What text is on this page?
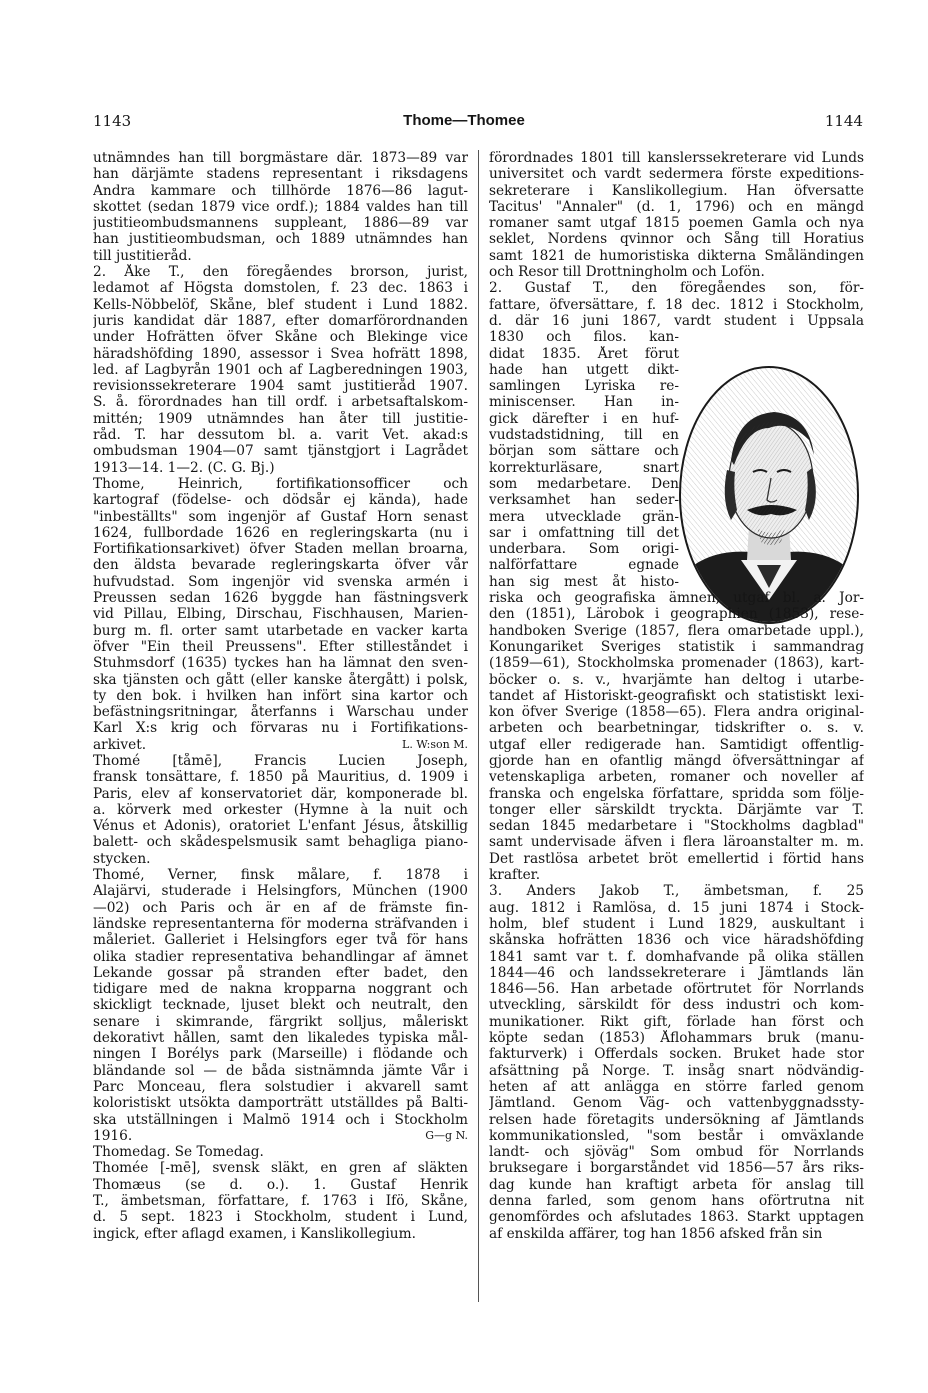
1143	Thome—Thomee	1144
utnämndes han till borgmästare där. 1873—89 var
han därjämte stadens representant i riksdagens
Andra kammare och tillhörde 1876—86 lagut-
skottet (sedan 1879 vice ordf.); 1884 valdes han till
justitieombudsmannens suppleant, 1886—89 var
han justitieombudsman, och 1889 utnämndes han
till justitieråd.
2. Åke T., den föregåendes brorson, jurist,
ledamot af Högsta domstolen, f. 23 dec. 1863 i
Kells-Nöbbelöf, Skåne, blef student i Lund 1882.
juris kandidat där 1887, efter domarförordnanden
under Hofrätten öfver Skåne och Blekinge vice
häradshöfding 1890, assessor i Svea hofrätt 1898,
led. af Lagbyrån 1901 och af Lagberedningen 1903,
revisionssekreterare 1904 samt justitieråd 1907.
S. å. förordnades han till ordf. i arbetsaftalskom-
mittén; 1909 utnämndes han åter till justitie-
råd. T. har dessutom bl. a. varit Vet. akad:s
ombudsman 1904—07 samt tjänstgjort i Lagrådet
1913—14. 1—2. (C. G. Bj.)
Thome, Heinrich, fortifikationsofficer och
kartograf (födelse- och dödsår ej kända), hade
"inbeställts" som ingenjör af Gustaf Horn senast
1624, fullbordade 1626 en regleringskarta (nu i
Fortifikationsarkivet) öfver Staden mellan broarna,
den äldsta bevarade regleringskarta öfver vår
hufvudstad. Som ingenjör vid svenska armén i
Preussen sedan 1626 byggde han fästningsverk
vid Pillau, Elbing, Dirschau, Fischhausen, Marien-
burg m. fl. orter samt utarbetade en vacker karta
öfver "Ein theil Preussens". Efter stilleståndet i
Stuhmsdorf (1635) tyckes han ha lämnat den sven-
ska tjänsten och gått (eller kanske återgått) i polsk,
ty den bok. i hvilken han infört sina kartor och
befästningsritningar, återfanns i Warschau under
Karl X:s krig och förvaras nu i Fortifikations-
arkivet.	L. W:son M.
Thomé [tåmē], Francis Lucien Joseph,
fransk tonsättare, f. 1850 på Mauritius, d. 1909 i
Paris, elev af konservatoriet där, komponerade bl.
a. körverk med orkester (Hymne à la nuit och
Vénus et Adonis), oratoriet L'enfant Jésus, åtskillig
balett- och skådespelsmusik samt behagliga piano-
stycken.
Thomé, Verner, finsk målare, f. 1878 i
Alajärvi, studerade i Helsingfors, München (1900
—02) och Paris och är en af de främste fin-
ländske representanterna för moderna sträfvanden i
måleriet. Galleriet i Helsingfors eger två för hans
olika stadier representativa behandlingar af ämnet
Lekande gossar på stranden efter badet, den
tidigare med de nakna kropparna noggrant och
skickligt tecknade, ljuset blekt och neutralt, den
senare i skimrande, färgrikt solljus, måleriskt
dekorativt hållen, samt den likaledes typiska mål-
ningen I Borélys park (Marseille) i flödande och
bländande sol — de båda sistnämnda jämte Vår i
Parc Monceau, flera solstudier i akvarell samt
koloristiskt utsökta damporträtt utställdes på Balti-
ska utställningen i Malmö 1914 och i Stockholm
1916.	G—g N.
Thomedag. Se Tomedag.
Thomée [-mē], svensk släkt, en gren af släkten
Thomæus (se d. o.). 1. Gustaf Henrik
T., ämbetsman, författare, f. 1763 i Ifö, Skåne,
d. 5 sept. 1823 i Stockholm, student i Lund,
ingick, efter aflagd examen, i Kanslikollegium.
förordnades 1801 till kanslerssekreterare vid Lunds
universitet och vardt sedermera förste expeditions-
sekreterare i Kanslikollegium. Han öfversatte
Tacitus' "Annaler" (d. 1, 1796) och en mängd
romaner samt utgaf 1815 poemen Gamla och nya
seklet, Nordens qvinnor och Sång till Horatius
samt 1821 de humoristiska dikterna Småländingen
och Resor till Drottningholm och Lofön.
2. Gustaf T., den föregåendes son, för-
fattare, öfversättare, f. 18 dec. 1812 i Stockholm,
d. där 16 juni 1867, vardt student i Uppsala
1830 och filos. kan-
didat 1835. Året förut
hade han utgett dikt-
samlingen Lyriska re-
miniscenser. Han in-
gick därefter i en huf-
vudstadstidning, till en
början som sättare och
korrekturläsare, snart
som medarbetare. Den
verksamhet han seder-
mera utvecklade grän-
sar i omfattning till det
underbara. Som origi-
nalförfattare egnade
han sig mest åt histo-
riska och geografiska ämnen, utgaf bl. a. Jor-
den (1851), Lärobok i geographien (1853), rese-
handboken Sverige (1857, flera omarbetade uppl.),
Konungariket Sveriges statistik i sammandrag
(1859—61), Stockholmska promenader (1863), kart-
böcker o. s. v., hvarjämte han deltog i utarbe-
tandet af Historiskt-geografiskt och statistiskt lexi-
kon öfver Sverige (1858—65). Flera andra original-
arbeten och bearbetningar, tidskrifter o. s. v.
utgaf eller redigerade han. Samtidigt offentlig-
gjorde han en ofantlig mängd öfversättningar af
vetenskapliga arbeten, romaner och noveller af
franska och engelska författare, spridda som följe-
tonger eller särskildt tryckta. Därjämte var T.
sedan 1845 medarbetare i "Stockholms dagblad"
samt undervisade äfven i flera läroanstalter m. m.
Det rastlösa arbetet bröt emellertid i förtid hans
krafter.
3. Anders Jakob T., ämbetsman, f. 25
aug. 1812 i Ramlösa, d. 15 juni 1874 i Stock-
holm, blef student i Lund 1829, auskultant i
skånska hofrätten 1836 och vice häradshöfding
1841 samt var t. f. domhafvande på olika ställen
1844—46 och landssekreterare i Jämtlands län
1846—56. Han arbetade oförtrutet för Norrlands
utveckling, särskildt för dess industri och kom-
munikationer. Rikt gift, förlade han först och
köpte sedan (1853) Åflohammars bruk (manu-
fakturverk) i Offerdals socken. Bruket hade stor
afsättning på Norge. T. insåg snart nödvändig-
heten af att anlägga en större farled genom
Jämtland. Genom Väg- och vattenbyggnadssty-
relsen hade företagits undersökning af Jämtlands
kommunikationsled, "som består i omväxlande
landt- och sjöväg" Som ombud för Norrlands
bruksegare i borgarståndet vid 1856—57 års riks-
dag kunde han kraftigt arbeta för anslag till
denna farled, som genom hans oförtrutna nit
genomfördes och afslutades 1863. Starkt upptagen
af enskilda affärer, tog han 1856 afsked från sin
